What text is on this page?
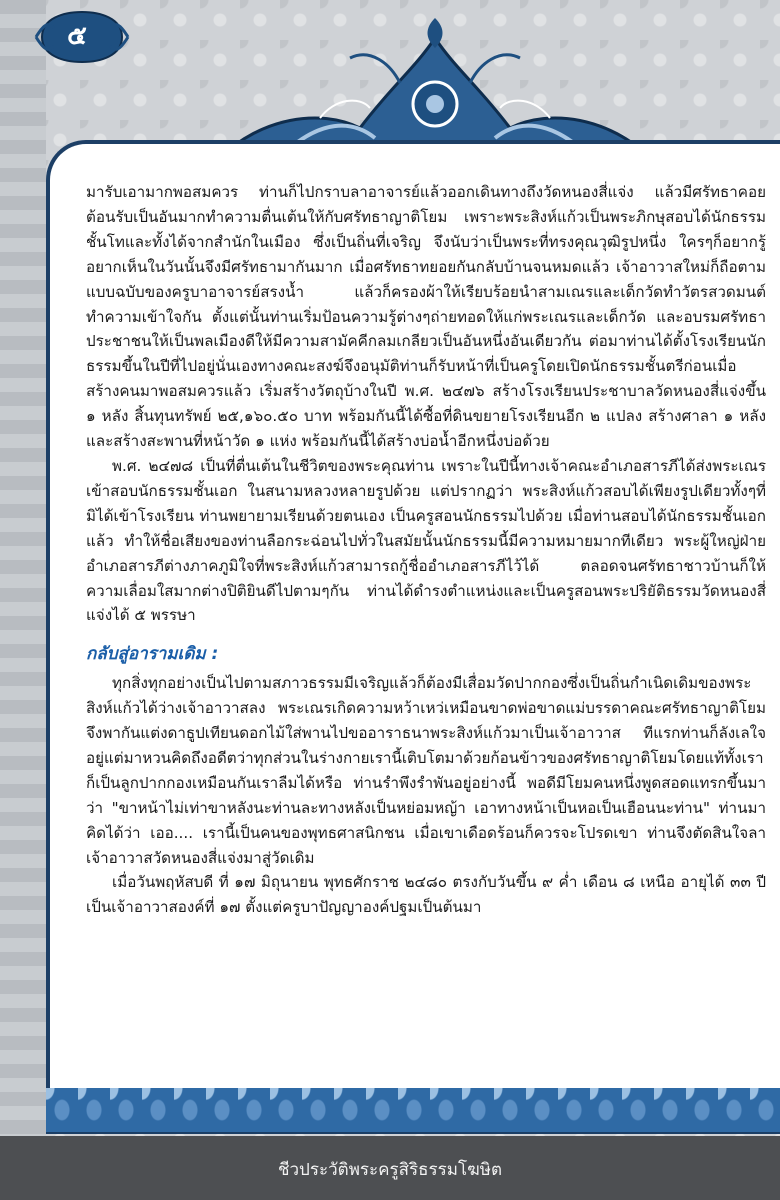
๕

มารับเอามากพอสมควร ท่านก็ไปกราบลาอาจารย์แล้วออกเดินทางถึงวัดหนองสี่แจ่ง แล้วมีศรัทธาคอยต้อนรับเป็นอันมากทำความตื่นเต้นให้กับศรัทธาญาติโยม เพราะพระสิงห์แก้วเป็นพระภิกษุสอบได้นักธรรมชั้นโทและทั้งได้จากสำนักในเมือง ซึ่งเป็นถิ่นที่เจริญ จึงนับว่าเป็นพระที่ทรงคุณวุฒิรูปหนึ่ง ใครๆก็อยากรู้อยากเห็นในวันนั้นจึงมีศรัทธามากันมาก เมื่อศรัทธาทยอยกันกลับบ้านจนหมดแล้ว เจ้าอาวาสใหม่ก็ถือตามแบบฉบับของครูบาอาจารย์สรงน้ำ แล้วก็ครองผ้าให้เรียบร้อยนำสามเณรและเด็กวัดทำวัตรสวดมนต์ ทำความเข้าใจกัน ตั้งแต่นั้นท่านเริ่มป้อนความรู้ต่างๆถ่ายทอดให้แก่พระเณรและเด็กวัด และอบรมศรัทธาประชาชนให้เป็นพลเมืองดีให้มีความสามัคคีกลมเกลียวเป็นอันหนึ่งอันเดียวกัน ต่อมาท่านได้ตั้งโรงเรียนนักธรรมขึ้นในปีที่ไปอยู่นั่นเองทางคณะสงฆ์จึงอนุมัติท่านก็รับหน้าที่เป็นครูโดยเปิดนักธรรมชั้นตรีก่อนเมื่อสร้างคนมาพอสมควรแล้ว เริ่มสร้างวัตถุบ้างในปี พ.ศ. ๒๔๗๖ สร้างโรงเรียนประชาบาลวัดหนองสี่แจ่งขึ้น ๑ หลัง สิ้นทุนทรัพย์ ๒๕,๑๖๐.๕๐ บาท พร้อมกันนี้ได้ซื้อที่ดินขยายโรงเรียนอีก ๒ แปลง สร้างศาลา ๑ หลัง และสร้างสะพานที่หน้าวัด ๑ แห่ง พร้อมกันนี้ได้สร้างบ่อน้ำอีกหนึ่งบ่อด้วย

พ.ศ. ๒๔๗๘ เป็นที่ตื่นเต้นในชีวิตของพระคุณท่าน เพราะในปีนี้ทางเจ้าคณะอำเภอสารภีได้ส่งพระเณรเข้าสอบนักธรรมชั้นเอก ในสนามหลวงหลายรูปด้วย แต่ปรากฏว่า พระสิงห์แก้วสอบได้เพียงรูปเดียวทั้งๆที่มิได้เข้าโรงเรียน ท่านพยายามเรียนด้วยตนเอง เป็นครูสอนนักธรรมไปด้วย เมื่อท่านสอบได้นักธรรมชั้นเอกแล้ว ทำให้ชื่อเสียงของท่านลือกระฉ่อนไปทั่วในสมัยนั้นนักธรรมนี้มีความหมายมากทีเดียว พระผู้ใหญ่ฝ่ายอำเภอสารภีต่างภาคภูมิใจที่พระสิงห์แก้วสามารถกู้ชื่ออำเภอสารภีไว้ได้ ตลอดจนศรัทธาชาวบ้านก็ให้ความเลื่อมใสมากต่างปิติยินดีไปตามๆกัน ท่านได้ดำรงตำแหน่งและเป็นครูสอนพระปริยัติธรรมวัดหนองสี่แจ่งได้ ๕ พรรษา

กลับสู่อารามเดิม :

ทุกสิ่งทุกอย่างเป็นไปตามสภาวธรรมมีเจริญแล้วก็ต้องมีเสื่อมวัดปากกองซึ่งเป็นถิ่นกำเนิดเดิมของพระสิงห์แก้วได้ว่างเจ้าอาวาสลง พระเณรเกิดความหว้าเหว่เหมือนขาดพ่อขาดแม่บรรดาคณะศรัทธาญาติโยมจึงพากันแต่งดาธูปเทียนดอกไม้ใส่พานไปขออาราธนาพระสิงห์แก้วมาเป็นเจ้าอาวาส ทีแรกท่านก็ลังเลใจอยู่แต่มาหวนคิดถึงอดีตว่าทุกส่วนในร่างกายเรานี้เติบโตมาด้วยก้อนข้าวของศรัทธาญาติโยมโดยแท้ทั้งเราก็เป็นลูกปากกองเหมือนกันเราลืมได้หรือ ท่านรำพึงรำพันอยู่อย่างนี้ พอดีมีโยมคนหนึ่งพูดสอดแทรกขึ้นมาว่า "ขาหน้าไม่เท่าขาหลังนะท่านละทางหลังเป็นหย่อมหญ้า เอาทางหน้าเป็นหอเป็นเฮือนนะท่าน" ท่านมาคิดได้ว่า เออ.... เรานี้เป็นคนของพุทธศาสนิกชน เมื่อเขาเดือดร้อนก็ควรจะโปรดเขา ท่านจึงตัดสินใจลาเจ้าอาวาสวัดหนองสี่แจ่งมาสู่วัดเดิม

เมื่อวันพฤหัสบดี ที่ ๑๗ มิถุนายน พุทธศักราช ๒๔๘๐ ตรงกับวันขึ้น ๙ ค่ำ เดือน ๘ เหนือ อายุได้ ๓๓ ปี เป็นเจ้าอาวาสองค์ที่ ๑๗ ตั้งแต่ครูบาปัญญาองค์ปฐมเป็นต้นมา

ชีวประวัติพระครูสิริธรรมโฆษิต
